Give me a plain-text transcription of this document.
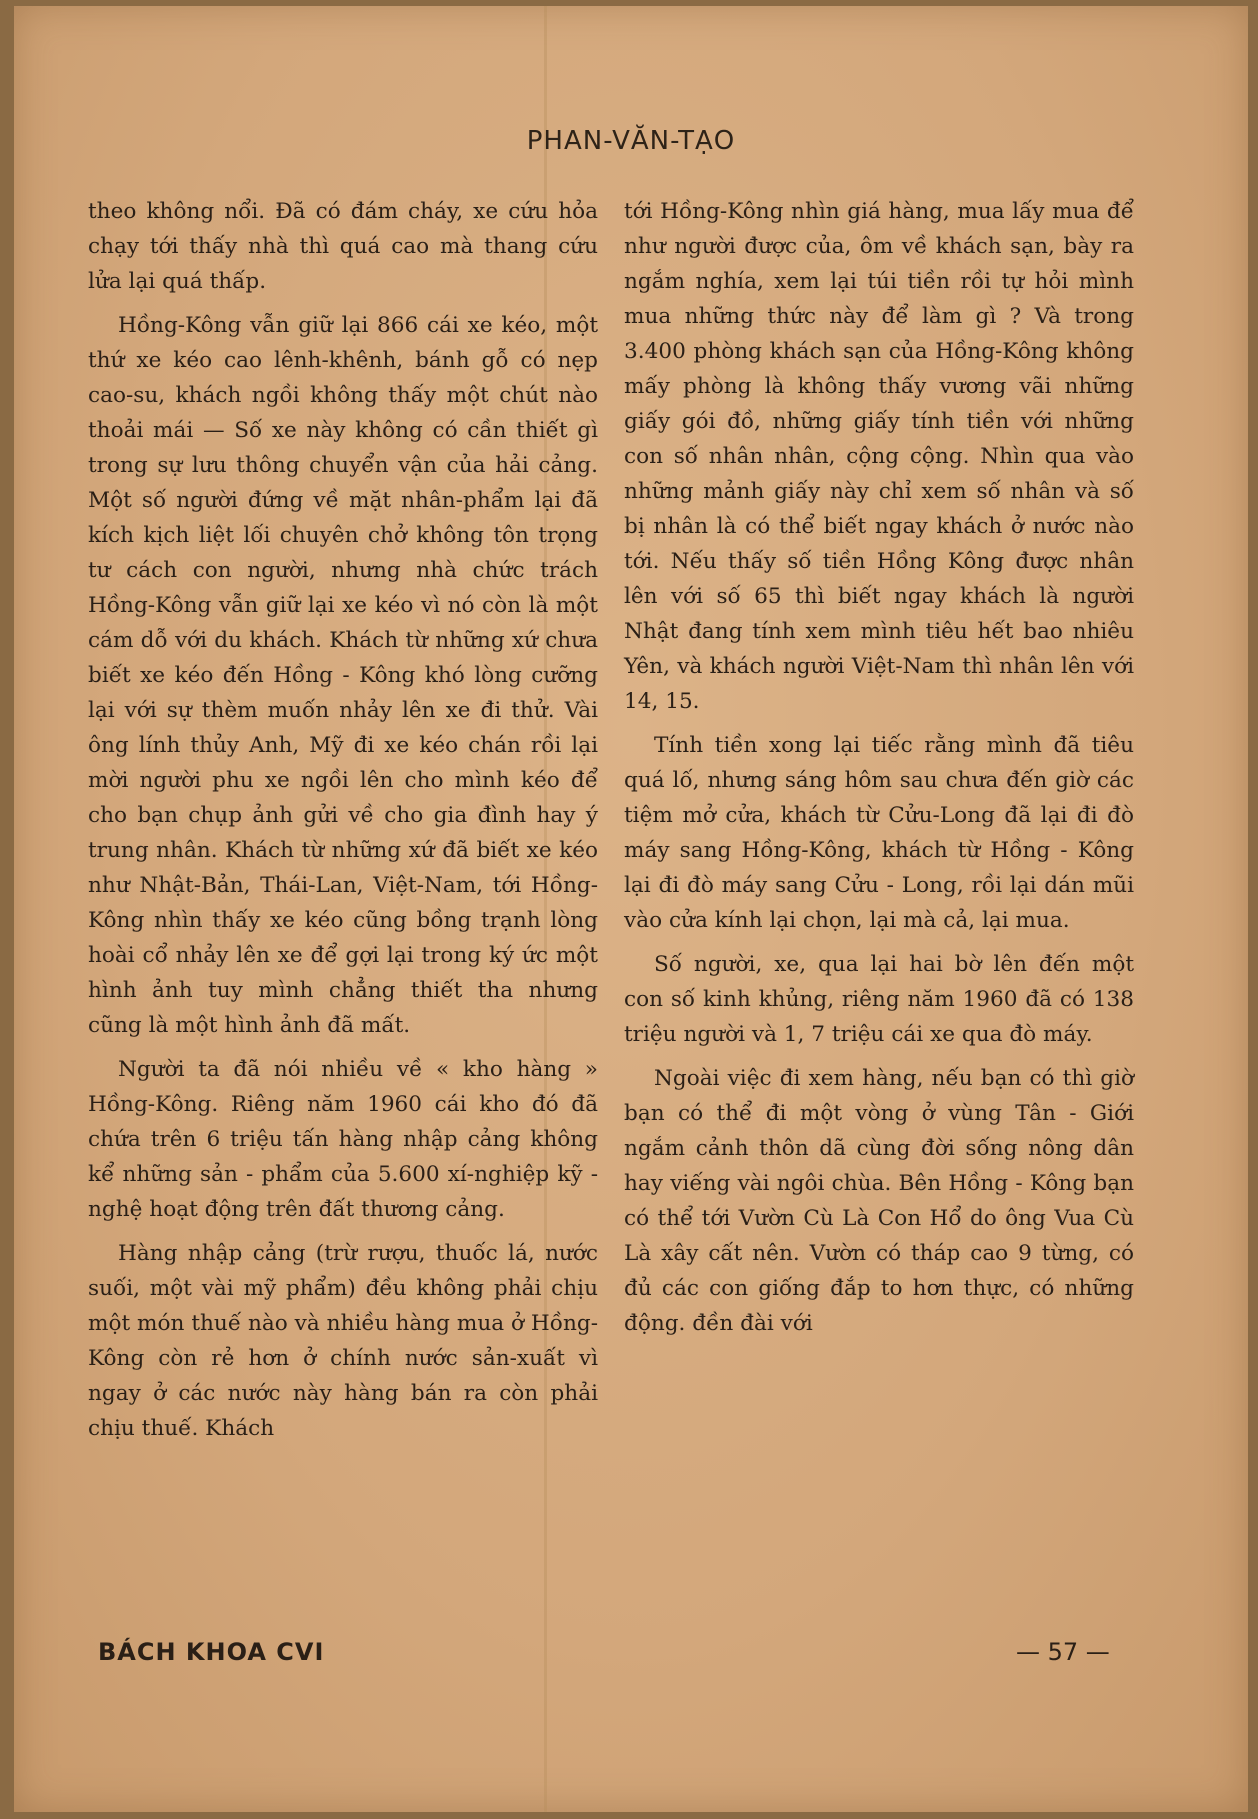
PHAN-VĂN-TẠO

theo không nổi. Đã có đám cháy, xe cứu hỏa chạy tới thấy nhà thì quá cao mà thang cứu lửa lại quá thấp.

Hồng-Kông vẫn giữ lại 866 cái xe kéo, một thứ xe kéo cao lênh-khênh, bánh gỗ có nẹp cao-su, khách ngồi không thấy một chút nào thoải mái — Số xe này không có cần thiết gì trong sự lưu thông chuyển vận của hải cảng. Một số người đứng về mặt nhân-phẩm lại đã kích kịch liệt lối chuyên chở không tôn trọng tư cách con người, nhưng nhà chức trách Hồng-Kông vẫn giữ lại xe kéo vì nó còn là một cám dỗ với du khách. Khách từ những xứ chưa biết xe kéo đến Hồng - Kông khó lòng cưỡng lại với sự thèm muốn nhảy lên xe đi thử. Vài ông lính thủy Anh, Mỹ đi xe kéo chán rồi lại mời người phu xe ngồi lên cho mình kéo để cho bạn chụp ảnh gửi về cho gia đình hay ý trung nhân. Khách từ những xứ đã biết xe kéo như Nhật-Bản, Thái-Lan, Việt-Nam, tới Hồng-Kông nhìn thấy xe kéo cũng bồng trạnh lòng hoài cổ nhảy lên xe để gợi lại trong ký ức một hình ảnh tuy mình chẳng thiết tha nhưng cũng là một hình ảnh đã mất.

Người ta đã nói nhiều về « kho hàng » Hồng-Kông. Riêng năm 1960 cái kho đó đã chứa trên 6 triệu tấn hàng nhập cảng không kể những sản - phẩm của 5.600 xí-nghiệp kỹ - nghệ hoạt động trên đất thương cảng.

Hàng nhập cảng (trừ rượu, thuốc lá, nước suối, một vài mỹ phẩm) đều không phải chịu một món thuế nào và nhiều hàng mua ở Hồng-Kông còn rẻ hơn ở chính nước sản-xuất vì ngay ở các nước này hàng bán ra còn phải chịu thuế. Khách

tới Hồng-Kông nhìn giá hàng, mua lấy mua để như người được của, ôm về khách sạn, bày ra ngắm nghía, xem lại túi tiền rồi tự hỏi mình mua những thức này để làm gì ? Và trong 3.400 phòng khách sạn của Hồng-Kông không mấy phòng là không thấy vương vãi những giấy gói đồ, những giấy tính tiền với những con số nhân nhân, cộng cộng. Nhìn qua vào những mảnh giấy này chỉ xem số nhân và số bị nhân là có thể biết ngay khách ở nước nào tới. Nếu thấy số tiền Hồng Kông được nhân lên với số 65 thì biết ngay khách là người Nhật đang tính xem mình tiêu hết bao nhiêu Yên, và khách người Việt-Nam thì nhân lên với 14, 15.

Tính tiền xong lại tiếc rằng mình đã tiêu quá lố, nhưng sáng hôm sau chưa đến giờ các tiệm mở cửa, khách từ Cửu-Long đã lại đi đò máy sang Hồng-Kông, khách từ Hồng - Kông lại đi đò máy sang Cửu - Long, rồi lại dán mũi vào cửa kính lại chọn, lại mà cả, lại mua.

Số người, xe, qua lại hai bờ lên đến một con số kinh khủng, riêng năm 1960 đã có 138 triệu người và 1, 7 triệu cái xe qua đò máy.

Ngoài việc đi xem hàng, nếu bạn có thì giờ bạn có thể đi một vòng ở vùng Tân - Giới ngắm cảnh thôn dã cùng đời sống nông dân hay viếng vài ngôi chùa. Bên Hồng - Kông bạn có thể tới Vườn Cù Là Con Hổ do ông Vua Cù Là xây cất nên. Vườn có tháp cao 9 từng, có đủ các con giống đắp to hơn thực, có những động. đền đài với

BÁCH KHOA CVI	— 57 —
